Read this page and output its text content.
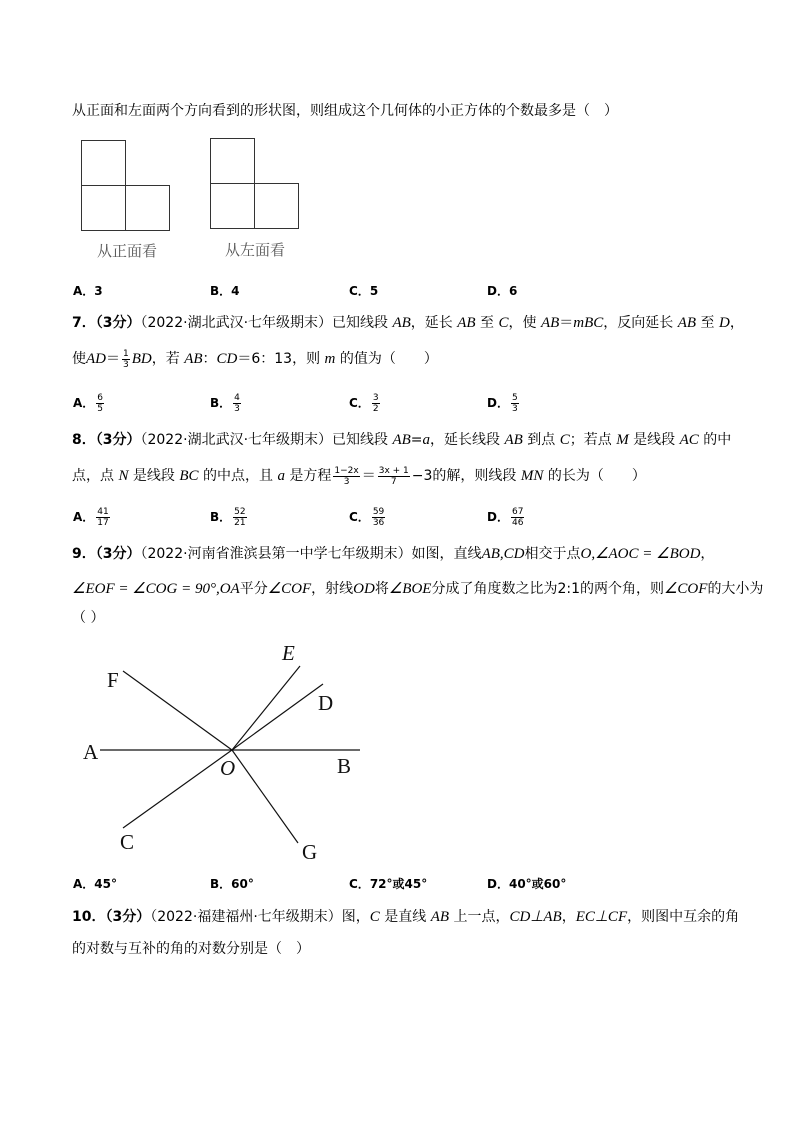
从正面和左面两个方向看到的形状图，则组成这个几何体的小正方体的个数最多是（　）
从正面看	从左面看
A．3	B．4	C．5	D．6
7．（3分）（2022·湖北武汉·七年级期末）已知线段 AB，延长 AB 至 C，使 AB＝mBC，反向延长 AB 至 D，
使$AD= \frac{1}{3}$ BD，若 AB：CD＝6：13，则 m 的值为（　　）
A． $\frac{6}{5}$	B． $\frac{4}{3}$	C． $\frac{3}{2}$	D． $\frac{5}{3}$
8．（3分）（2022·湖北武汉·七年级期末）已知线段 AB=a，延长线段 AB 到点 C；若点 M 是线段 AC 的中
点，点 N 是线段 BC 的中点，且 a 是方程 $\frac{1-2x}{3} = \frac{3x + 1}{7} -3$的解，则线段 MN 的长为（　　）
A． $\frac{41}{17}$	B． $\frac{52}{21}$	C． $\frac{59}{36}$	D． $\frac{67}{46}$
9．（3分）（2022·河南省淮滨县第一中学七年级期末）如图，直线AB,CD相交于点O,∠AOC = ∠BOD，
∠EOF = ∠COG = 90°,OA平分∠COF，射线OD将∠BOE分成了角度数之比为2:1的两个角，则∠COF的大小为
（ ）
E
D
F
A
O	B
C	G
A．45°	B．60°	C．72°或45°	D．40°或60°
10．（3分）（2022·福建福州·七年级期末）图，C 是直线 AB 上一点，CD⊥AB，EC⊥CF，则图中互余的角
的对数与互补的角的对数分别是（　）
